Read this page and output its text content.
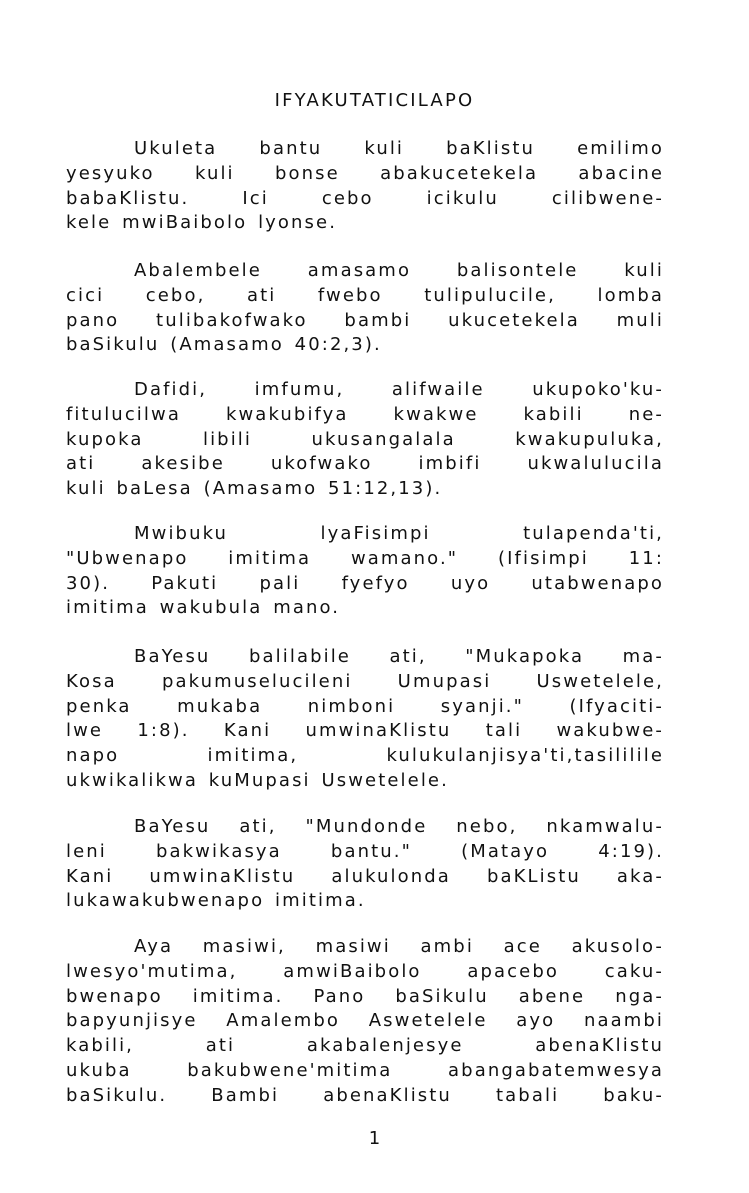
IFYAKUTATICILAPO
Ukuleta bantu kuli baKlistu emilimo
yesyuko kuli bonse abakucetekela abacine
babaKlistu. Ici cebo icikulu cilibwene-
kele mwiBaibolo lyonse.
Abalembele amasamo balisontele kuli
cici cebo, ati fwebo tulipulucile, lomba
pano tulibakofwako bambi ukucetekela muli
baSikulu (Amasamo 40:2,3).
Dafidi, imfumu, alifwaile ukupoko'ku-
fitulucilwa kwakubifya kwakwe kabili ne-
kupoka libili ukusangalala kwakupuluka,
ati akesibe ukofwako imbifi ukwalulucila
kuli baLesa (Amasamo 51:12,13).
Mwibuku lyaFisimpi tulapenda'ti,
"Ubwenapo imitima wamano." (Ifisimpi 11:
30). Pakuti pali fyefyo uyo utabwenapo
imitima wakubula mano.
BaYesu balilabile ati, "Mukapoka ma-
Kosa pakumuselucileni Umupasi Uswetelele,
penka mukaba nimboni syanji." (Ifyaciti-
lwe 1:8). Kani umwinaKlistu tali wakubwe-
napo imitima, kulukulanjisya'ti,tasililile
ukwikalikwa kuMupasi Uswetelele.
BaYesu ati, "Mundonde nebo, nkamwalu-
leni bakwikasya bantu." (Matayo 4:19).
Kani umwinaKlistu alukulonda baKListu aka-
lukawakubwenapo imitima.
Aya masiwi, masiwi ambi ace akusolo-
lwesyo'mutima, amwiBaibolo apacebo caku-
bwenapo imitima. Pano baSikulu abene nga-
bapyunjisye Amalembo Aswetelele ayo naambi
kabili, ati akabalenjesye abenaKlistu
ukuba bakubwene'mitima abangabatemwesya
baSikulu. Bambi abenaKlistu tabali baku-
1
